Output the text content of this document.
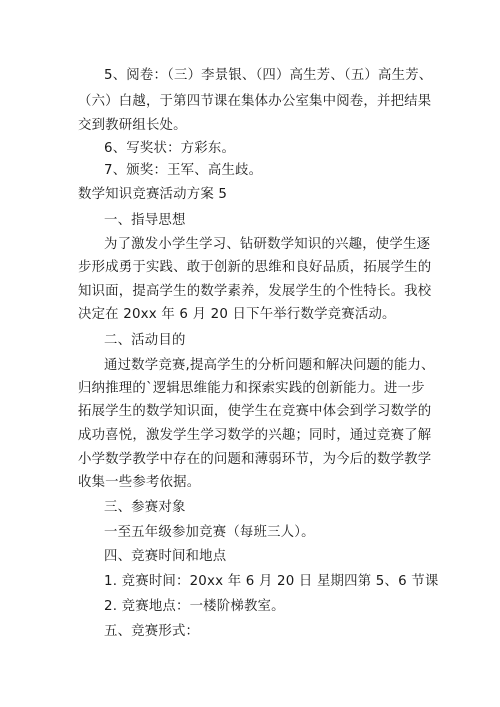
5、阅卷：（三）李景银、（四）高生芳、（五）高生芳、
（六）白越，于第四节课在集体办公室集中阅卷，并把结果
交到教研组长处。
6、写奖状：方彩东。
7、颁奖：王军、高生歧。
数学知识竞赛活动方案 5
一、指导思想
为了激发小学生学习、钻研数学知识的兴趣，使学生逐
步形成勇于实践、敢于创新的思维和良好品质，拓展学生的
知识面，提高学生的数学素养，发展学生的个性特长。我校
决定在 20xx 年 6 月 20 日下午举行数学竞赛活动。
二、活动目的
通过数学竞赛,提高学生的分析问题和解决问题的能力、
归纳推理的`逻辑思维能力和探索实践的创新能力。进一步
拓展学生的数学知识面，使学生在竞赛中体会到学习数学的
成功喜悦，激发学生学习数学的兴趣；同时，通过竞赛了解
小学数学教学中存在的问题和薄弱环节，为今后的数学教学
收集一些参考依据。
三、参赛对象
一至五年级参加竞赛（每班三人）。
四、竞赛时间和地点
1. 竞赛时间：20xx 年 6 月 20 日 星期四第 5、6 节课
2. 竞赛地点：一楼阶梯教室。
五、竞赛形式：
